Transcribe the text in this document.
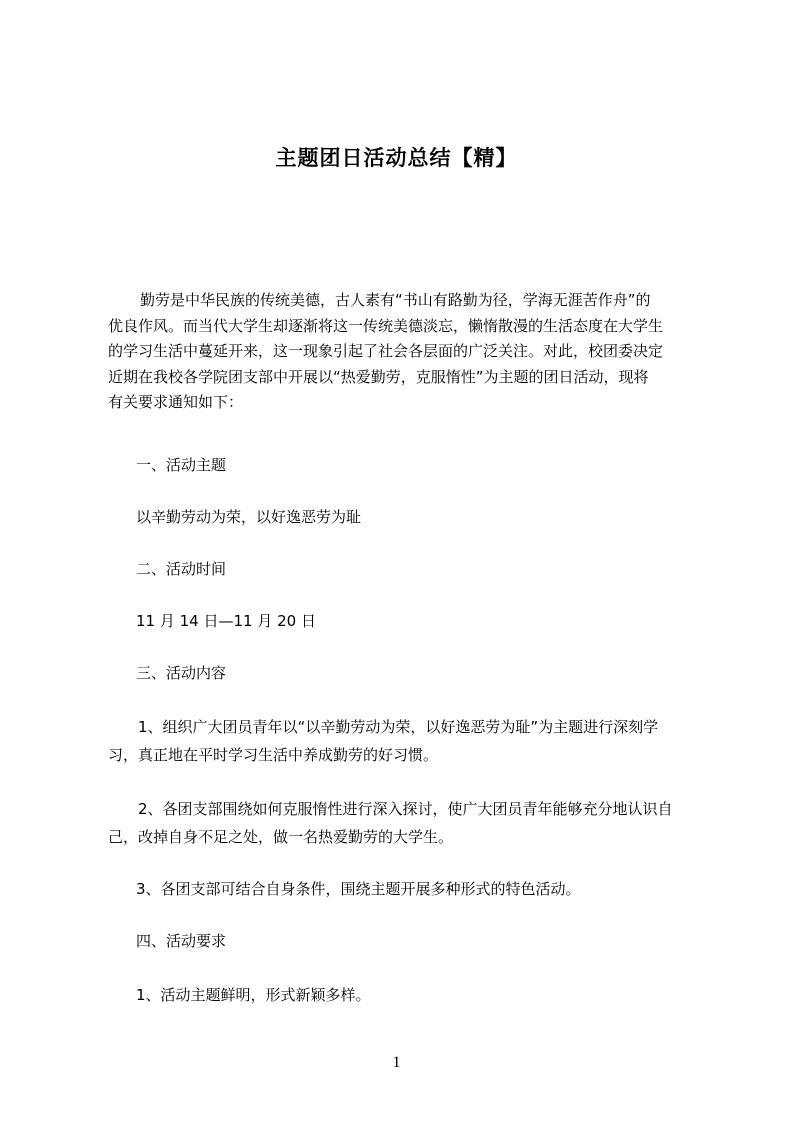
主题团日活动总结【精】
勤劳是中华民族的传统美德，古人素有“书山有路勤为径，学海无涯苦作舟”的
优良作风。而当代大学生却逐渐将这一传统美德淡忘，懒惰散漫的生活态度在大学生
的学习生活中蔓延开来，这一现象引起了社会各层面的广泛关注。对此，校团委决定
近期在我校各学院团支部中开展以“热爱勤劳，克服惰性”为主题的团日活动，现将
有关要求通知如下：
一、活动主题
以辛勤劳动为荣，以好逸恶劳为耻
二、活动时间
11 月 14 日—11 月 20 日
三、活动内容
1、组织广大团员青年以“以辛勤劳动为荣，以好逸恶劳为耻”为主题进行深刻学
习，真正地在平时学习生活中养成勤劳的好习惯。
2、各团支部围绕如何克服惰性进行深入探讨，使广大团员青年能够充分地认识自
己，改掉自身不足之处，做一名热爱勤劳的大学生。
3、各团支部可结合自身条件，围绕主题开展多种形式的特色活动。
四、活动要求
1、活动主题鲜明，形式新颖多样。
1
